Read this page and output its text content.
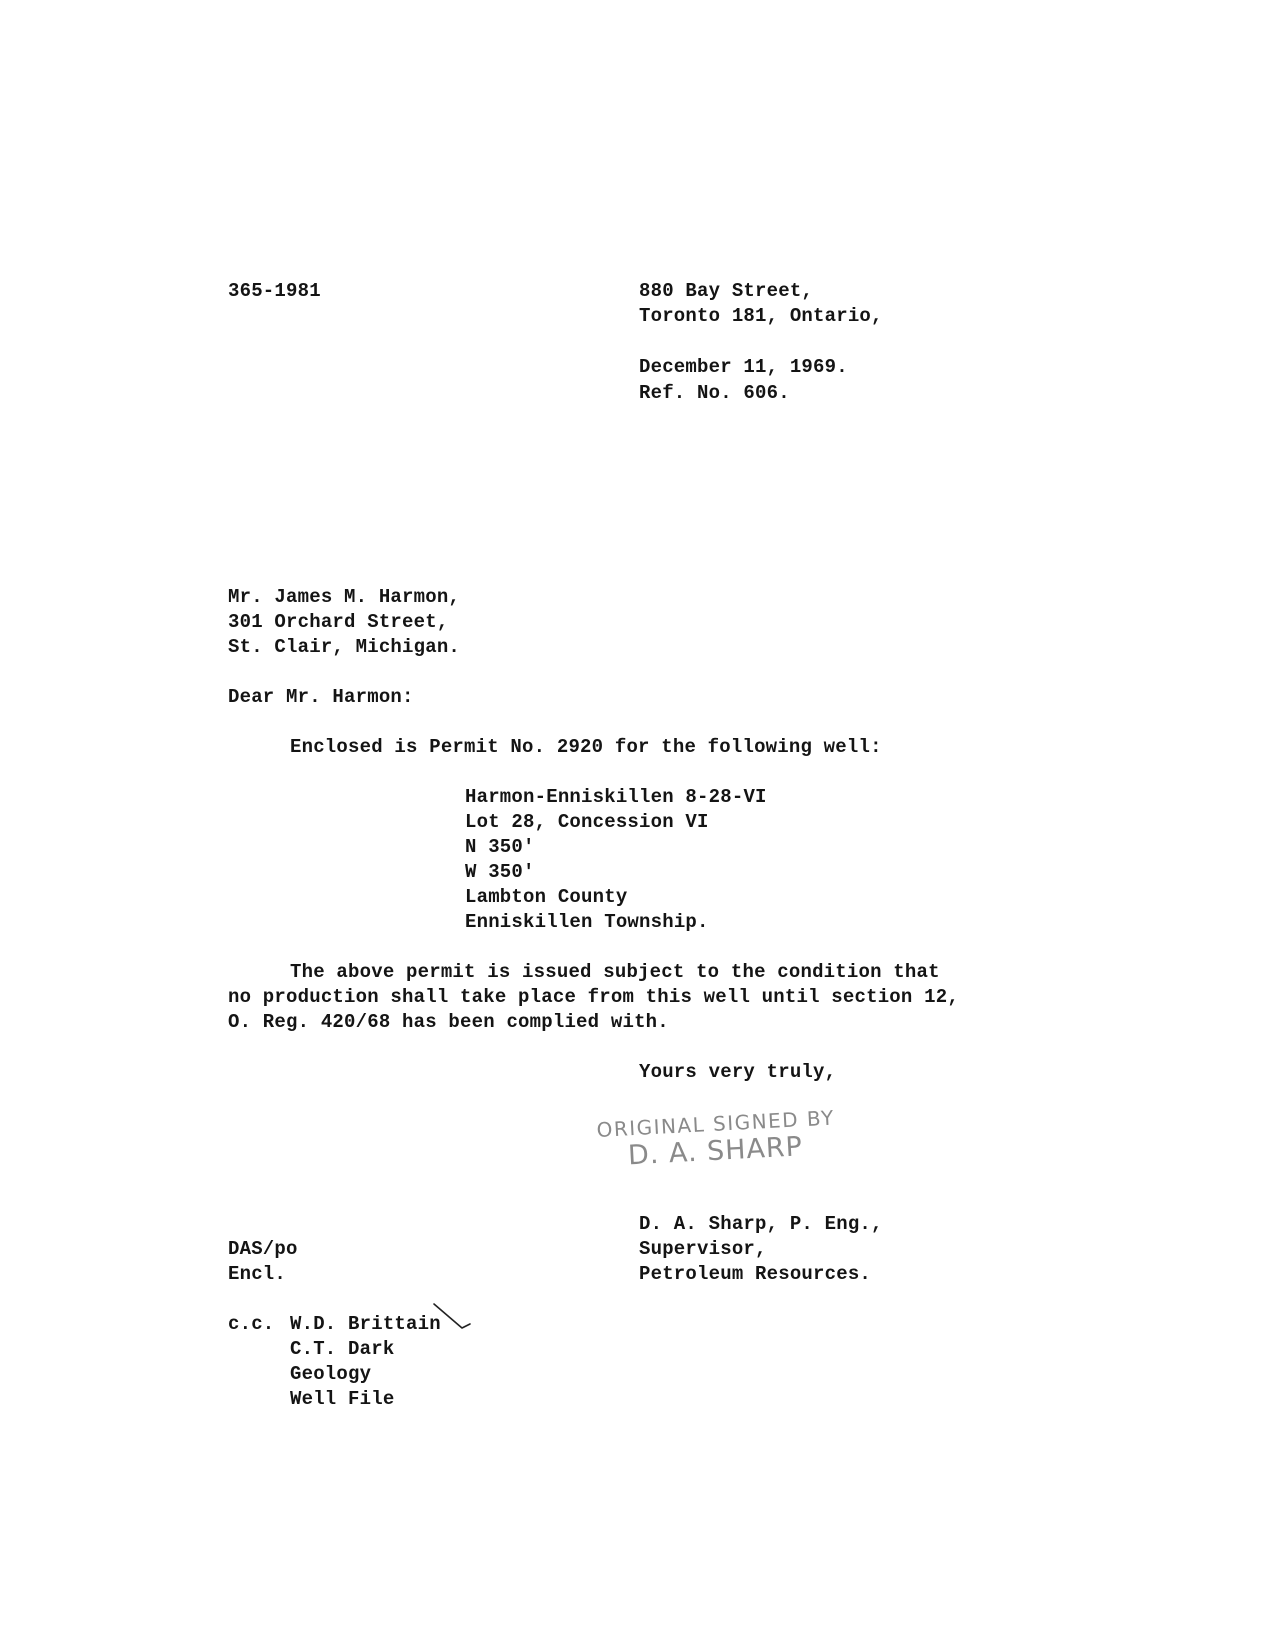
365-1981	880 Bay Street,
Toronto 181, Ontario,
December 11, 1969.
Ref. No. 606.
Mr. James M. Harmon,
301 Orchard Street,
St. Clair, Michigan.
Dear Mr. Harmon:
Enclosed is Permit No. 2920 for the following well:
Harmon-Enniskillen 8-28-VI
Lot 28, Concession VI
N 350'
W 350'
Lambton County
Enniskillen Township.
The above permit is issued subject to the condition that
no production shall take place from this well until section 12,
O. Reg. 420/68 has been complied with.
Yours very truly,
ORIGINAL SIGNED BY
D. A. SHARP
D. A. Sharp, P. Eng.,
Supervisor,
Petroleum Resources.
DAS/po
Encl.
c.c. W.D. Brittain
C.T. Dark
Geology
Well File
